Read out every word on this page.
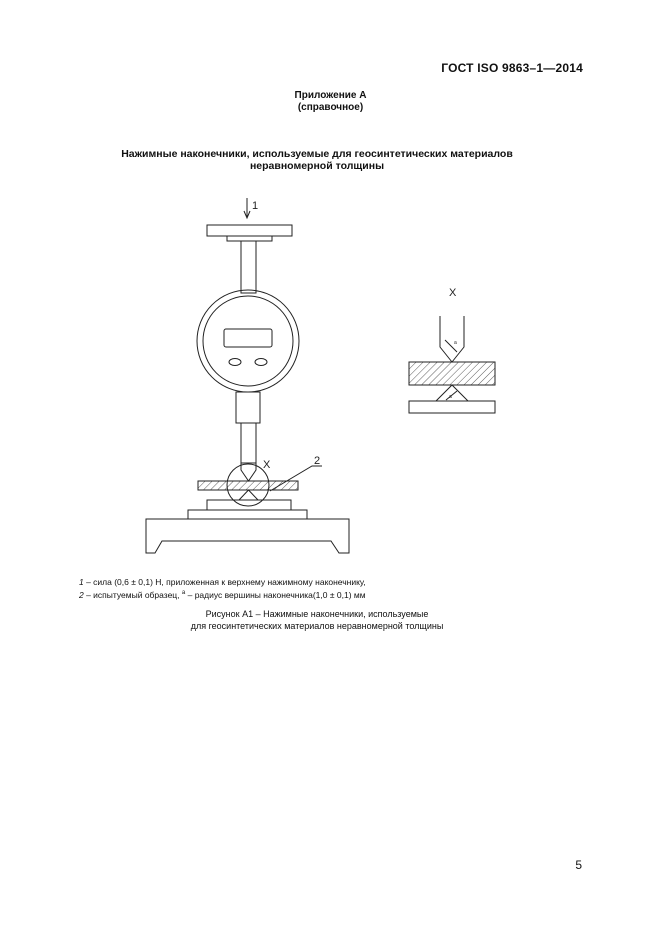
ГОСТ ISO 9863–1—2014
Приложение А
(справочное)
Нажимные наконечники, используемые для геосинтетических материалов
неравномерной толщины
1
X	2
X
a
a
1 – сила (0,6 ± 0,1) Н, приложенная к верхнему нажимному наконечнику,
2 – испытуемый образец, $^a$ – радиус вершины наконечника(1,0 ± 0,1) мм
Рисунок А1 – Нажимные наконечники, используемые
для геосинтетических материалов неравномерной толщины
5
